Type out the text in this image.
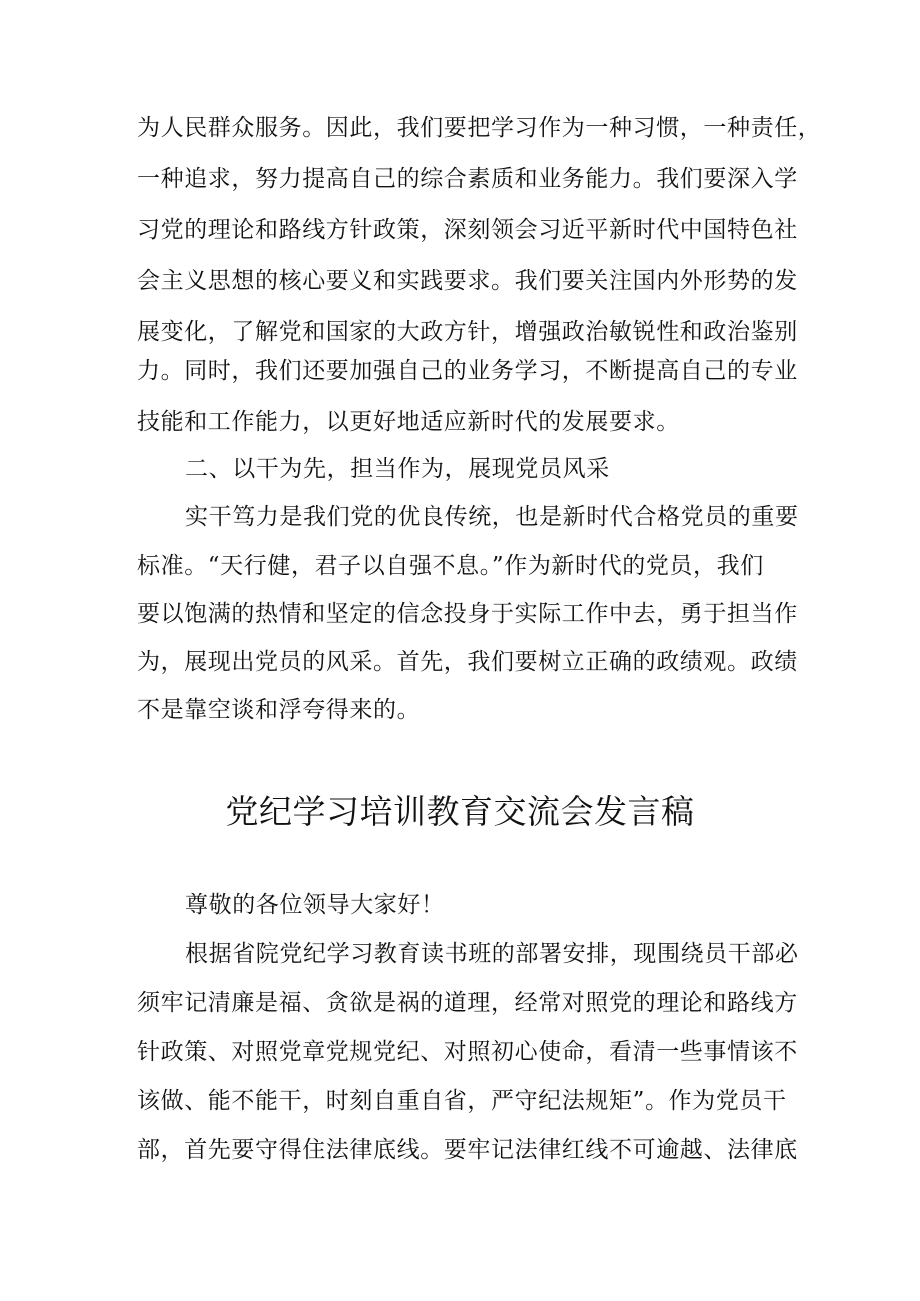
为人民群众服务。因此，我们要把学习作为一种习惯，一种责任，
一种追求，努力提高自己的综合素质和业务能力。我们要深入学
习党的理论和路线方针政策，深刻领会习近平新时代中国特色社
会主义思想的核心要义和实践要求。我们要关注国内外形势的发
展变化，了解党和国家的大政方针，增强政治敏锐性和政治鉴别
力。同时，我们还要加强自己的业务学习，不断提高自己的专业
技能和工作能力，以更好地适应新时代的发展要求。
二、以干为先，担当作为，展现党员风采
实干笃力是我们党的优良传统，也是新时代合格党员的重要
标准。“天行健，君子以自强不息。”作为新时代的党员，我们
要以饱满的热情和坚定的信念投身于实际工作中去，勇于担当作
为，展现出党员的风采。首先，我们要树立正确的政绩观。政绩
不是靠空谈和浮夸得来的。
党纪学习培训教育交流会发言稿
尊敬的各位领导大家好！
根据省院党纪学习教育读书班的部署安排，现围绕员干部必
须牢记清廉是福、贪欲是祸的道理，经常对照党的理论和路线方
针政策、对照党章党规党纪、对照初心使命，看清一些事情该不
该做、能不能干，时刻自重自省，严守纪法规矩”。作为党员干
部，首先要守得住法律底线。要牢记法律红线不可逾越、法律底
